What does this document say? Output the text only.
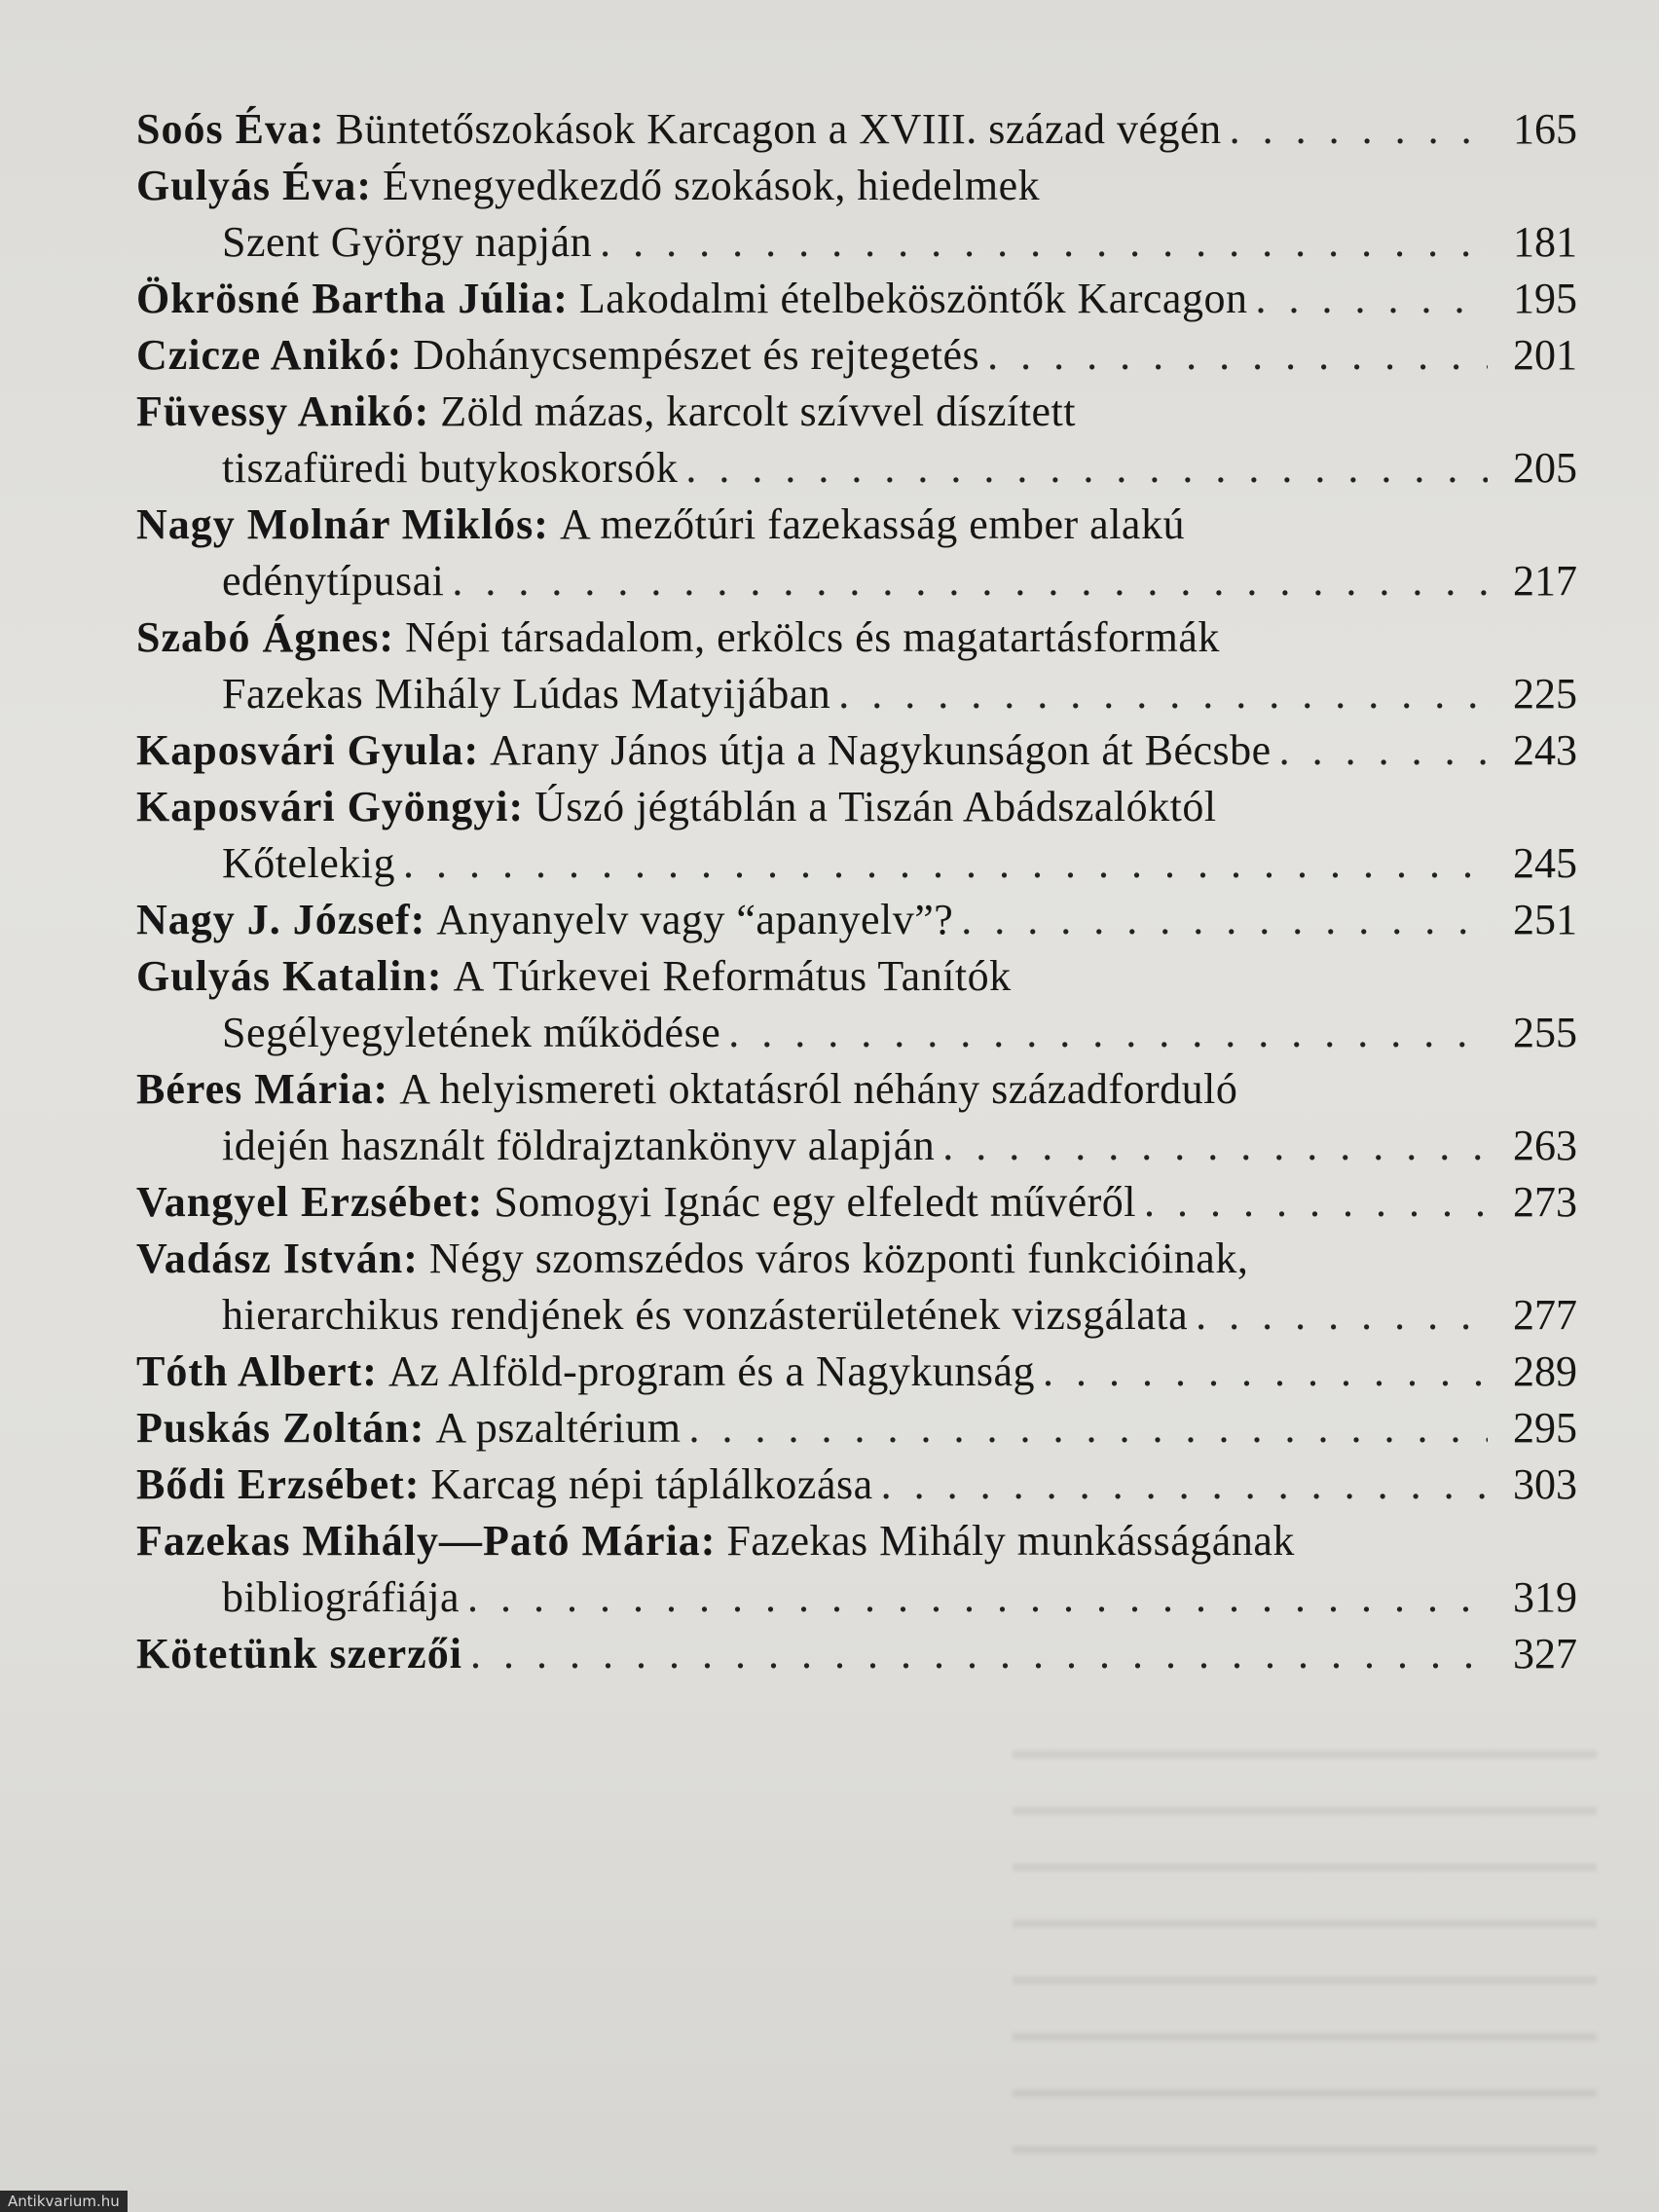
Soós Éva:
Büntetőszokások Karcagon a XVIII. század végén . . .	165
Gulyás Éva:
Évnegyedkezdő szokások, hiedelmek
Szent György napján . . .	181
Ökrösné Bartha Júlia:
Lakodalmi ételbeköszöntők Karcagon . . .	195
Czicze Anikó:
Dohánycsempészet és rejtegetés . . .	201
Füvessy Anikó:
Zöld mázas, karcolt szívvel díszített
tiszafüredi butykoskorsók . . .	205
Nagy Molnár Miklós:
A mezőtúri fazekasság ember alakú
edénytípusai . . .	217
Szabó Ágnes:
Népi társadalom, erkölcs és magatartásformák
Fazekas Mihály Lúdas Matyijában . . .	225
Kaposvári Gyula:
Arany János útja a Nagykunságon át Bécsbe . . .	243
Kaposvári Gyöngyi:
Úszó jégtáblán a Tiszán Abádszalóktól
Kőtelekig . . .	245
Nagy J. József:
Anyanyelv vagy “apanyelv”? . . .	251
Gulyás Katalin:
A Túrkevei Református Tanítók
Segélyegyletének működése . . .	255
Béres Mária:
A helyismereti oktatásról néhány századforduló
idején használt földrajztankönyv alapján . . .	263
Vangyel Erzsébet:
Somogyi Ignác egy elfeledt művéről . . .	273
Vadász István:
Négy szomszédos város központi funkcióinak,
hierarchikus rendjének és vonzásterületének vizsgálata . . .	277
Tóth Albert:
Az Alföld-program és a Nagykunság . . .	289
Puskás Zoltán:
A pszaltérium . . .	295
Bődi Erzsébet:
Karcag népi táplálkozása . . .	303
Fazekas Mihály—Pató Mária:
Fazekas Mihály munkásságának
bibliográfiája . . .	319
Kötetünk szerzői . . .	327
Antikvarium.hu
